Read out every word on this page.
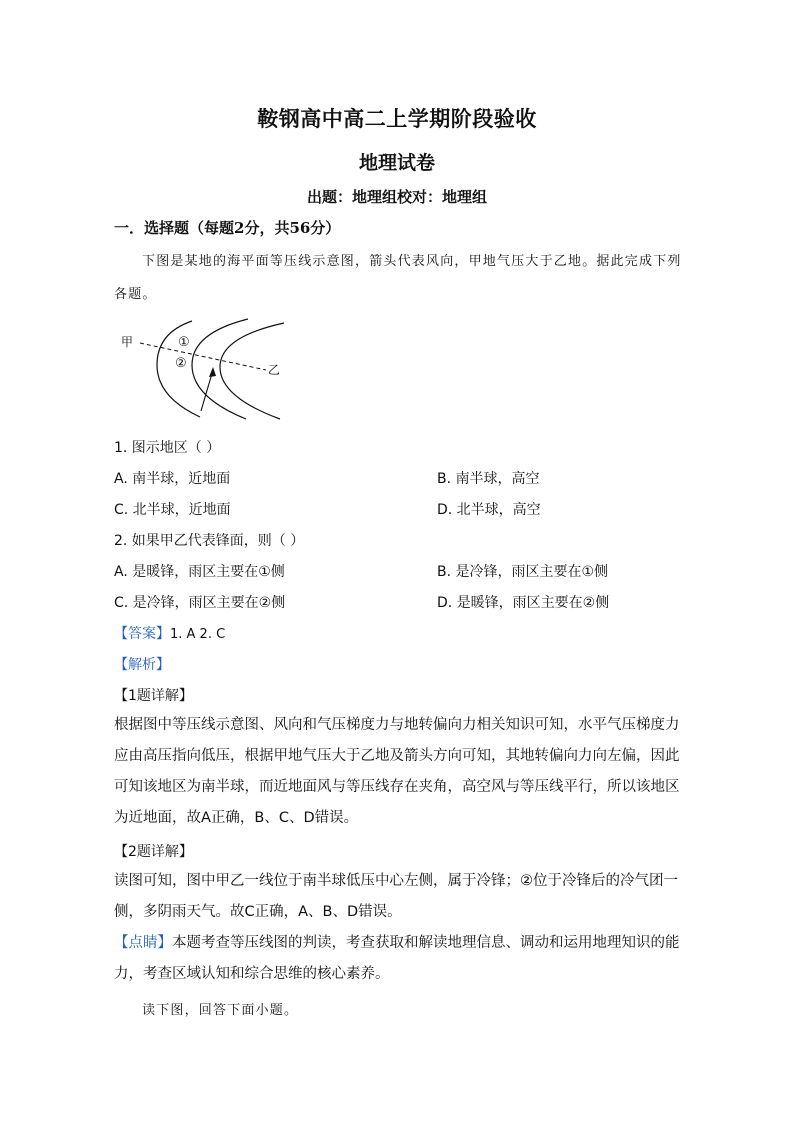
鞍钢高中高二上学期阶段验收
地理试卷
出题：地理组校对：地理组
一．选择题（每题2分，共56分）
下图是某地的海平面等压线示意图，箭头代表风向，甲地气压大于乙地。据此完成下列
各题。
甲
乙
①
②
1. 图示地区（ ）
A. 南半球，近地面	B. 南半球，高空
C. 北半球，近地面	D. 北半球，高空
2. 如果甲乙代表锋面，则（ ）
A. 是暖锋，雨区主要在①侧	B. 是冷锋，雨区主要在①侧
C. 是冷锋，雨区主要在②侧	D. 是暖锋，雨区主要在②侧
【答案】1. A 2. C
【解析】
【1题详解】
根据图中等压线示意图、风向和气压梯度力与地转偏向力相关知识可知，水平气压梯度力应由高压指向低压，根据甲地气压大于乙地及箭头方向可知，其地转偏向力向左偏，因此可知该地区为南半球，而近地面风与等压线存在夹角，高空风与等压线平行，所以该地区为近地面，故A正确，B、C、D错误。
【2题详解】
读图可知，图中甲乙一线位于南半球低压中心左侧，属于冷锋；②位于冷锋后的冷气团一侧，多阴雨天气。故C正确，A、B、D错误。
【点睛】本题考查等压线图的判读，考查获取和解读地理信息、调动和运用地理知识的能力，考查区域认知和综合思维的核心素养。
读下图，回答下面小题。
